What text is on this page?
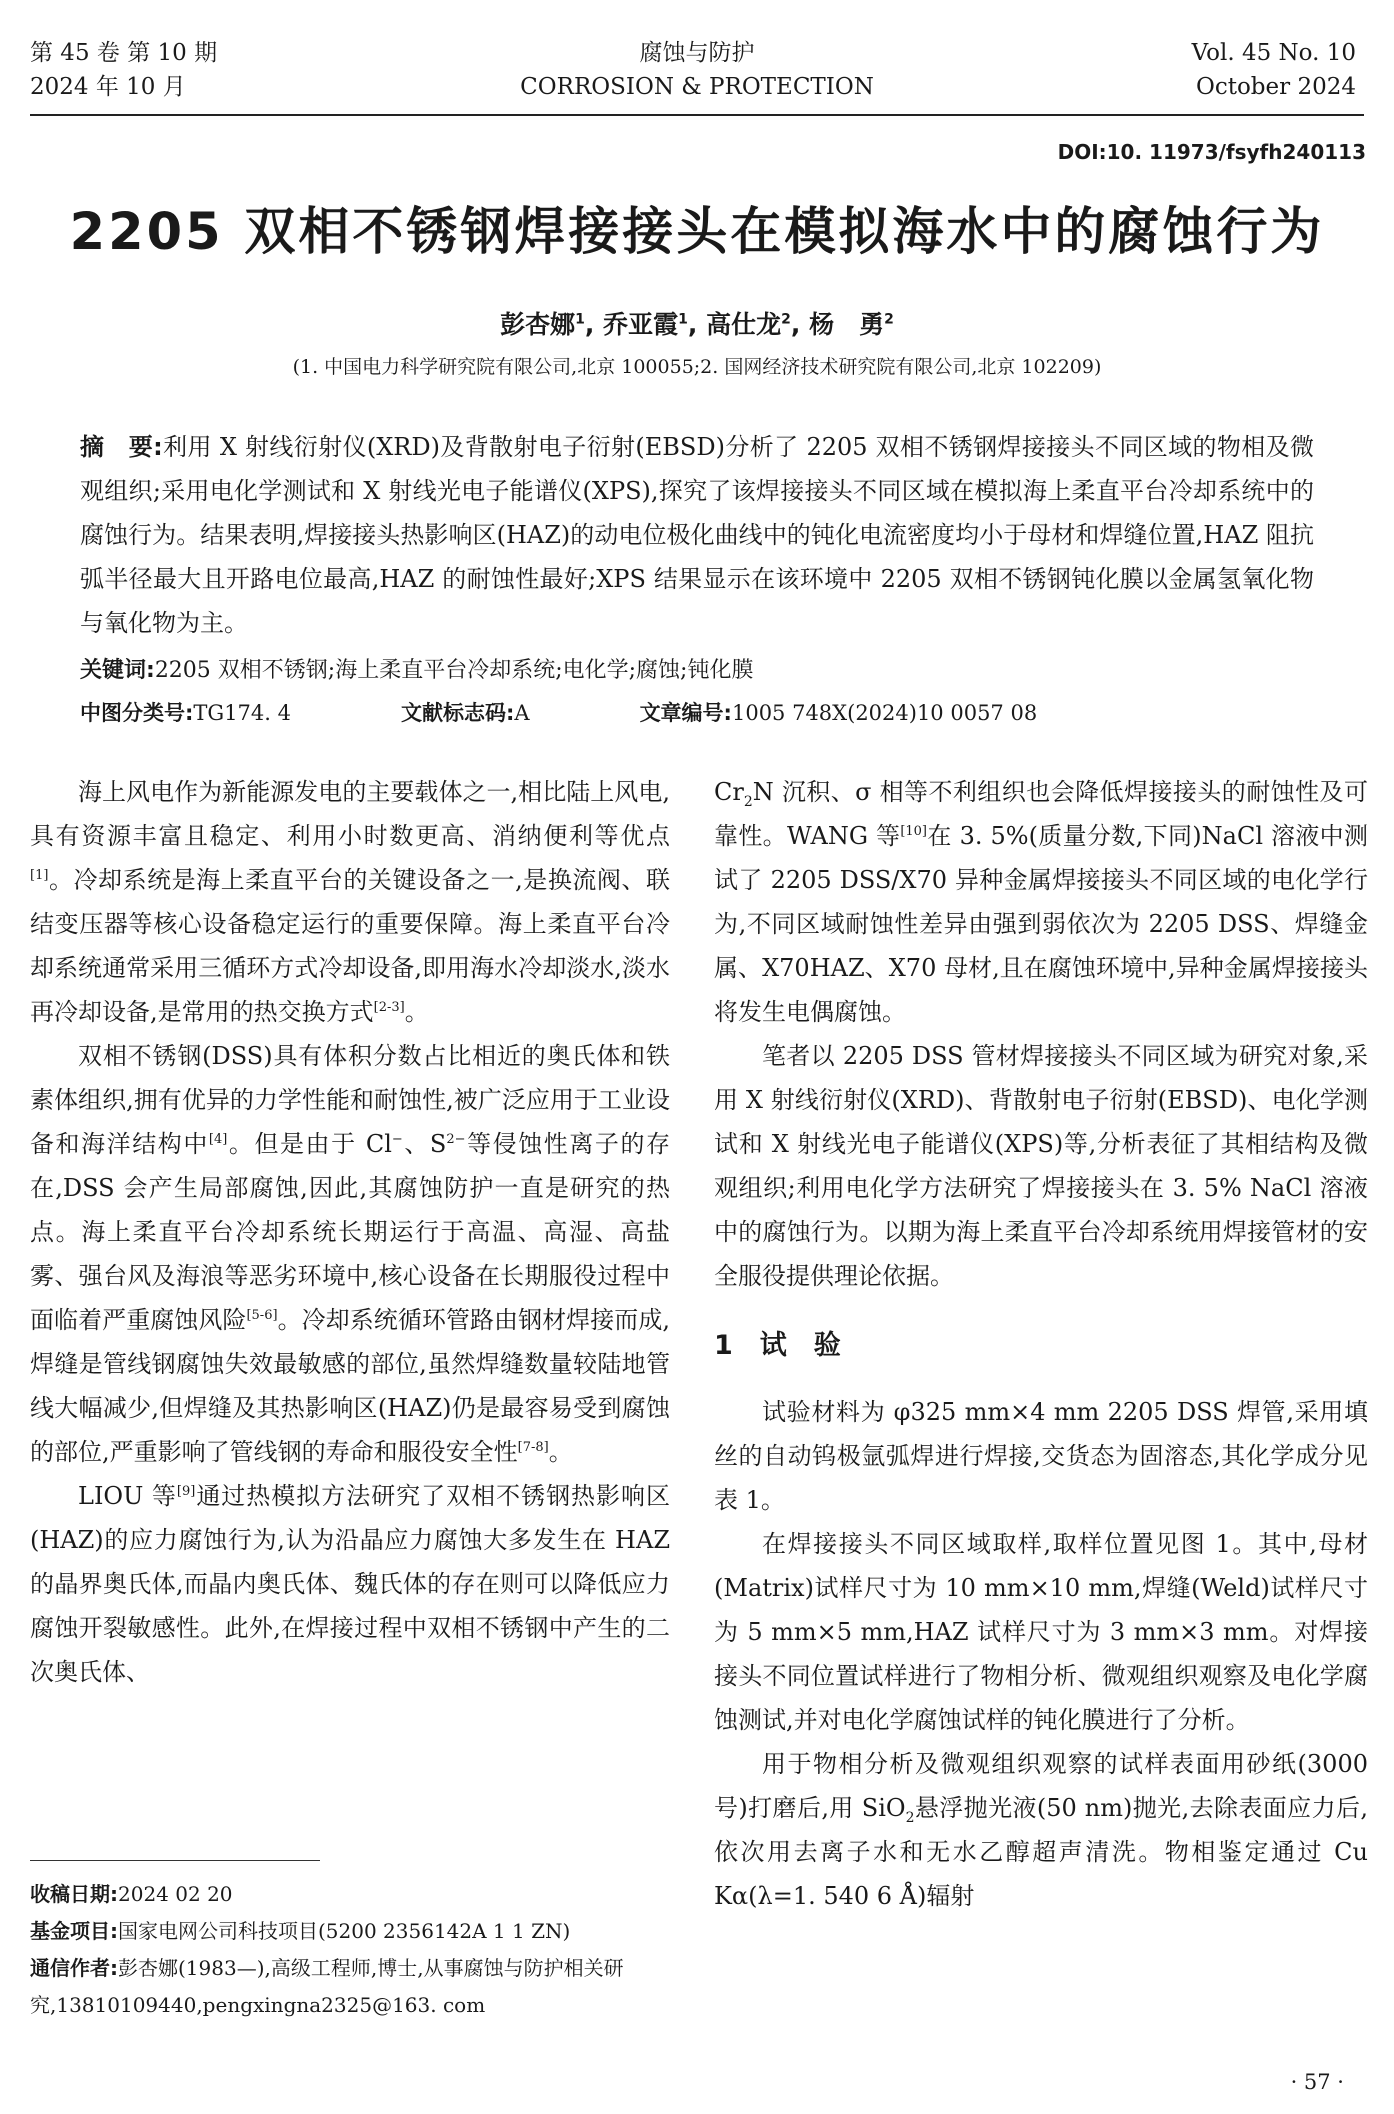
第 45 卷 第 10 期
2024 年 10 月
腐蚀与防护
CORROSION & PROTECTION
Vol. 45 No. 10
October 2024
DOI:10. 11973/fsyfh240113
2205 双相不锈钢焊接接头在模拟海水中的腐蚀行为
彭杏娜$^1$, 乔亚霞$^1$, 高仕龙$^2$, 杨　勇$^2$
(1. 中国电力科学研究院有限公司,北京 100055;2. 国网经济技术研究院有限公司,北京 102209)
摘　要:利用 X 射线衍射仪(XRD)及背散射电子衍射(EBSD)分析了 2205 双相不锈钢焊接接头不同区域的物相及微观组织;采用电化学测试和 X 射线光电子能谱仪(XPS),探究了该焊接接头不同区域在模拟海上柔直平台冷却系统中的腐蚀行为。结果表明,焊接接头热影响区(HAZ)的动电位极化曲线中的钝化电流密度均小于母材和焊缝位置,HAZ 阻抗弧半径最大且开路电位最高,HAZ 的耐蚀性最好;XPS 结果显示在该环境中 2205 双相不锈钢钝化膜以金属氢氧化物与氧化物为主。
关键词:2205 双相不锈钢;海上柔直平台冷却系统;电化学;腐蚀;钝化膜
中图分类号:TG174. 4	文献标志码:A	文章编号:1005 748X(2024)10 0057 08

海上风电作为新能源发电的主要载体之一,相比陆上风电,具有资源丰富且稳定、利用小时数更高、消纳便利等优点[1]。冷却系统是海上柔直平台的关键设备之一,是换流阀、联结变压器等核心设备稳定运行的重要保障。海上柔直平台冷却系统通常采用三循环方式冷却设备,即用海水冷却淡水,淡水再冷却设备,是常用的热交换方式[2-3]。

双相不锈钢(DSS)具有体积分数占比相近的奥氏体和铁素体组织,拥有优异的力学性能和耐蚀性,被广泛应用于工业设备和海洋结构中[4]。但是由于 Cl−、$S^{2-}$等侵蚀性离子的存在,DSS 会产生局部腐蚀,因此,其腐蚀防护一直是研究的热点。海上柔直平台冷却系统长期运行于高温、高湿、高盐雾、强台风及海浪等恶劣环境中,核心设备在长期服役过程中面临着严重腐蚀风险[5-6]。冷却系统循环管路由钢材焊接而成,焊缝是管线钢腐蚀失效最敏感的部位,虽然焊缝数量较陆地管线大幅减少,但焊缝及其热影响区(HAZ)仍是最容易受到腐蚀的部位,严重影响了管线钢的寿命和服役安全性[7-8]。

LIOU 等[9]通过热模拟方法研究了双相不锈钢热影响区(HAZ)的应力腐蚀行为,认为沿晶应力腐蚀大多发生在 HAZ 的晶界奥氏体,而晶内奥氏体、魏氏体的存在则可以降低应力腐蚀开裂敏感性。此外,在焊接过程中双相不锈钢中产生的二次奥氏体、

$Cr_2N$ 沉积、σ 相等不利组织也会降低焊接接头的耐蚀性及可靠性。WANG 等[10]在 3. 5%(质量分数,下同)NaCl 溶液中测试了 2205 DSS/X70 异种金属焊接接头不同区域的电化学行为,不同区域耐蚀性差异由强到弱依次为 2205 DSS、焊缝金属、X70HAZ、X70 母材,且在腐蚀环境中,异种金属焊接接头将发生电偶腐蚀。

笔者以 2205 DSS 管材焊接接头不同区域为研究对象,采用 X 射线衍射仪(XRD)、背散射电子衍射(EBSD)、电化学测试和 X 射线光电子能谱仪(XPS)等,分析表征了其相结构及微观组织;利用电化学方法研究了焊接接头在 3. 5% NaCl 溶液中的腐蚀行为。以期为海上柔直平台冷却系统用焊接管材的安全服役提供理论依据。

1　试　验

试验材料为 φ325 mm×4 mm 2205 DSS 焊管,采用填丝的自动钨极氩弧焊进行焊接,交货态为固溶态,其化学成分见表 1。

在焊接接头不同区域取样,取样位置见图 1。其中,母材(Matrix)试样尺寸为 10 mm×10 mm,焊缝(Weld)试样尺寸为 5 mm×5 mm,HAZ 试样尺寸为 3 mm×3 mm。对焊接接头不同位置试样进行了物相分析、微观组织观察及电化学腐蚀测试,并对电化学腐蚀试样的钝化膜进行了分析。

用于物相分析及微观组织观察的试样表面用砂纸(3000 号)打磨后,用 SiO$_2$悬浮抛光液(50 nm)抛光,去除表面应力后,依次用去离子水和无水乙醇超声清洗。物相鉴定通过 Cu Kα(λ=1. 540 6 Å)辐射

收稿日期:2024 02 20
基金项目:国家电网公司科技项目(5200 2356142A 1 1 ZN)
通信作者:彭杏娜(1983—),高级工程师,博士,从事腐蚀与防护相关研究,13810109440,pengxingna2325@163. com
· 57 ·
